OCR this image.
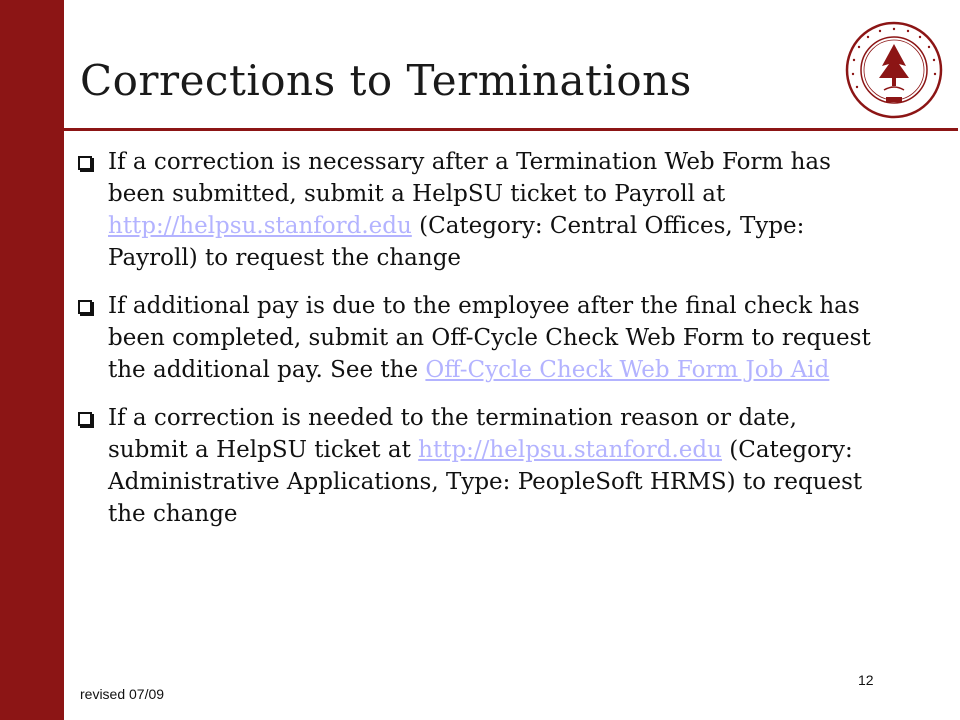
Corrections to Terminations
If a correction is necessary after a Termination Web Form has been submitted, submit a HelpSU ticket to Payroll at http://helpsu.stanford.edu (Category: Central Offices, Type: Payroll) to request the change
If additional pay is due to the employee after the final check has been completed, submit an Off-Cycle Check Web Form to request the additional pay. See the Off-Cycle Check Web Form Job Aid
If a correction is needed to the termination reason or date, submit a HelpSU ticket at http://helpsu.stanford.edu (Category: Administrative Applications, Type: PeopleSoft HRMS) to request the change
revised 07/09
12
